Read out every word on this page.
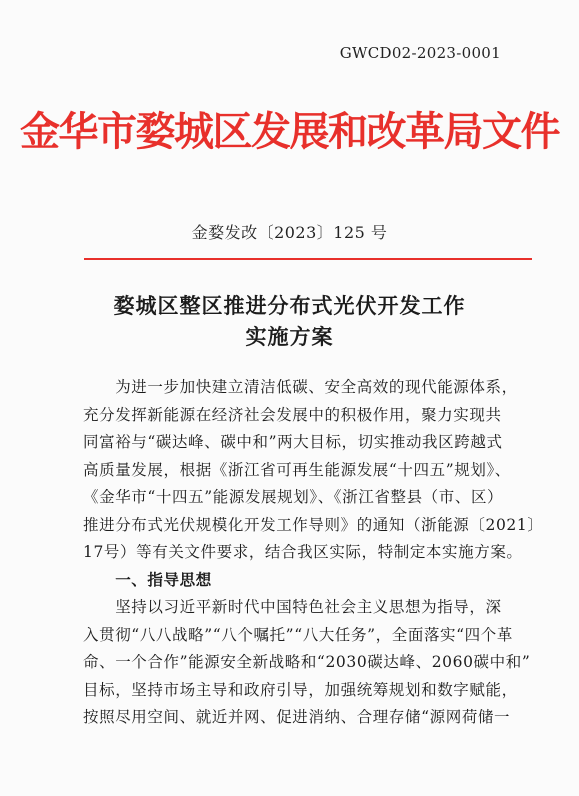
GWCD02-2023-0001
金华市婺城区发展和改革局文件
金婺发改〔2023〕125 号
婺城区整区推进分布式光伏开发工作
实施方案
　　为进一步加快建立清洁低碳、安全高效的现代能源体系，
充分发挥新能源在经济社会发展中的积极作用，聚力实现共
同富裕与“碳达峰、碳中和”两大目标，切实推动我区跨越式
高质量发展，根据《浙江省可再生能源发展“十四五”规划》、
《金华市“十四五”能源发展规划》、《浙江省整县（市、区）
推进分布式光伏规模化开发工作导则》的通知（浙能源〔2021〕
17号）等有关文件要求，结合我区实际，特制定本实施方案。
　　一、指导思想
　　坚持以习近平新时代中国特色社会主义思想为指导，深
入贯彻“八八战略”“八个嘱托”“八大任务”，全面落实“四个革
命、一个合作”能源安全新战略和“2030碳达峰、2060碳中和”
目标，坚持市场主导和政府引导，加强统筹规划和数字赋能，
按照尽用空间、就近并网、促进消纳、合理存储“源网荷储一
